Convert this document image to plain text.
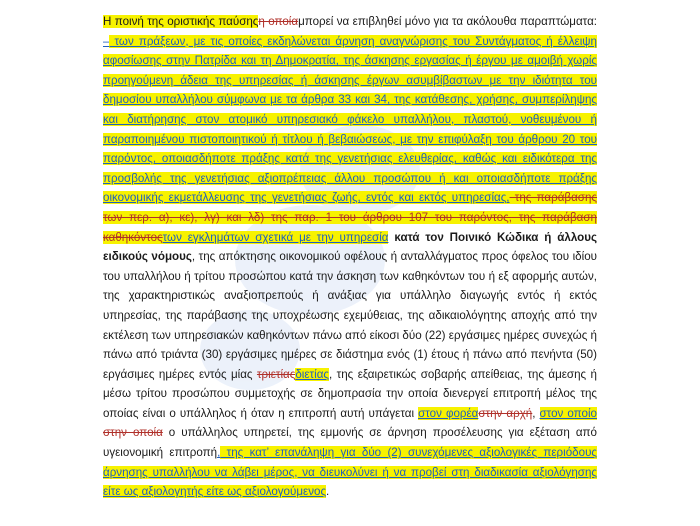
Η ποινή της οριστικής παύσηςη οποίαμπορεί να επιβληθεί μόνο για τα ακόλουθα παραπτώματα: – των πράξεων, με τις οποίες εκδηλώνεται άρνηση αναγνώρισης του Συντάγματος ή έλλειψη αφοσίωσης στην Πατρίδα και τη Δημοκρατία, της άσκησης εργασίας ή έργου με αμοιβή χωρίς προηγούμενη άδεια της υπηρεσίας ή άσκησης έργων ασυμβίβαστων με την ιδιότητα του δημοσίου υπαλλήλου σύμφωνα με τα άρθρα 33 και 34, της κατάθεσης, χρήσης, συμπερίληψης και διατήρησης στον ατομικό υπηρεσιακό φάκελο υπαλλήλου, πλαστού, νοθευμένου ή παραποιημένου πιστοποιητικού ή τίτλου ή βεβαιώσεως, με την επιφύλαξη του άρθρου 20 του παρόντος, οποιασδήποτε πράξης κατά της γενετήσιας ελευθερίας, καθώς και ειδικότερα της προσβολής της γενετήσιας αξιοπρέπειας άλλου προσώπου ή και οποιασδήποτε πράξης οικονομικής εκμετάλλευσης της γενετήσιας ζωής, εντός και εκτός υπηρεσίας, της παράβασης των περ. α), κε), λγ) και λδ) της παρ. 1 του άρθρου 107 του παρόντος, της παράβαση καθηκόντοςτων εγκλημάτων σχετικά με την υπηρεσία κατά τον Ποινικό Κώδικα ή άλλους ειδικούς νόμους, της απόκτησης οικονομικού οφέλους ή ανταλλάγματος προς όφελος του ιδίου του υπαλλήλου ή τρίτου προσώπου κατά την άσκηση των καθηκόντων του ή εξ αφορμής αυτών, της χαρακτηριστικώς αναξιοπρεπούς ή ανάξιας για υπάλληλο διαγωγής εντός ή εκτός υπηρεσίας, της παράβασης της υποχρέωσης εχεμύθειας, της αδικαιολόγητης αποχής από την εκτέλεση των υπηρεσιακών καθηκόντων πάνω από είκοσι δύο (22) εργάσιμες ημέρες συνεχώς ή πάνω από τριάντα (30) εργάσιμες ημέρες σε διάστημα ενός (1) έτους ή πάνω από πενήντα (50) εργάσιμες ημέρες εντός μίας τριετίαςδιετίας, της εξαιρετικώς σοβαρής απείθειας, της άμεσης ή μέσω τρίτου προσώπου συμμετοχής σε δημοπρασία την οποία διενεργεί επιτροπή μέλος της οποίας είναι ο υπάλληλος ή όταν η επιτροπή αυτή υπάγεται στον φορέαστην αρχή, στον οποίο στην οποία ο υπάλληλος υπηρετεί, της εμμονής σε άρνηση προσέλευσης για εξέταση από υγειονομική επιτροπή, της κατ’ επανάληψη για δύο (2) συνεχόμενες αξιολογικές περιόδους άρνησης υπαλλήλου να λάβει μέρος, να διευκολύνει ή να προβεί στη διαδικασία αξιολόγησης είτε ως αξιολογητής είτε ως αξιολογούμενος.
